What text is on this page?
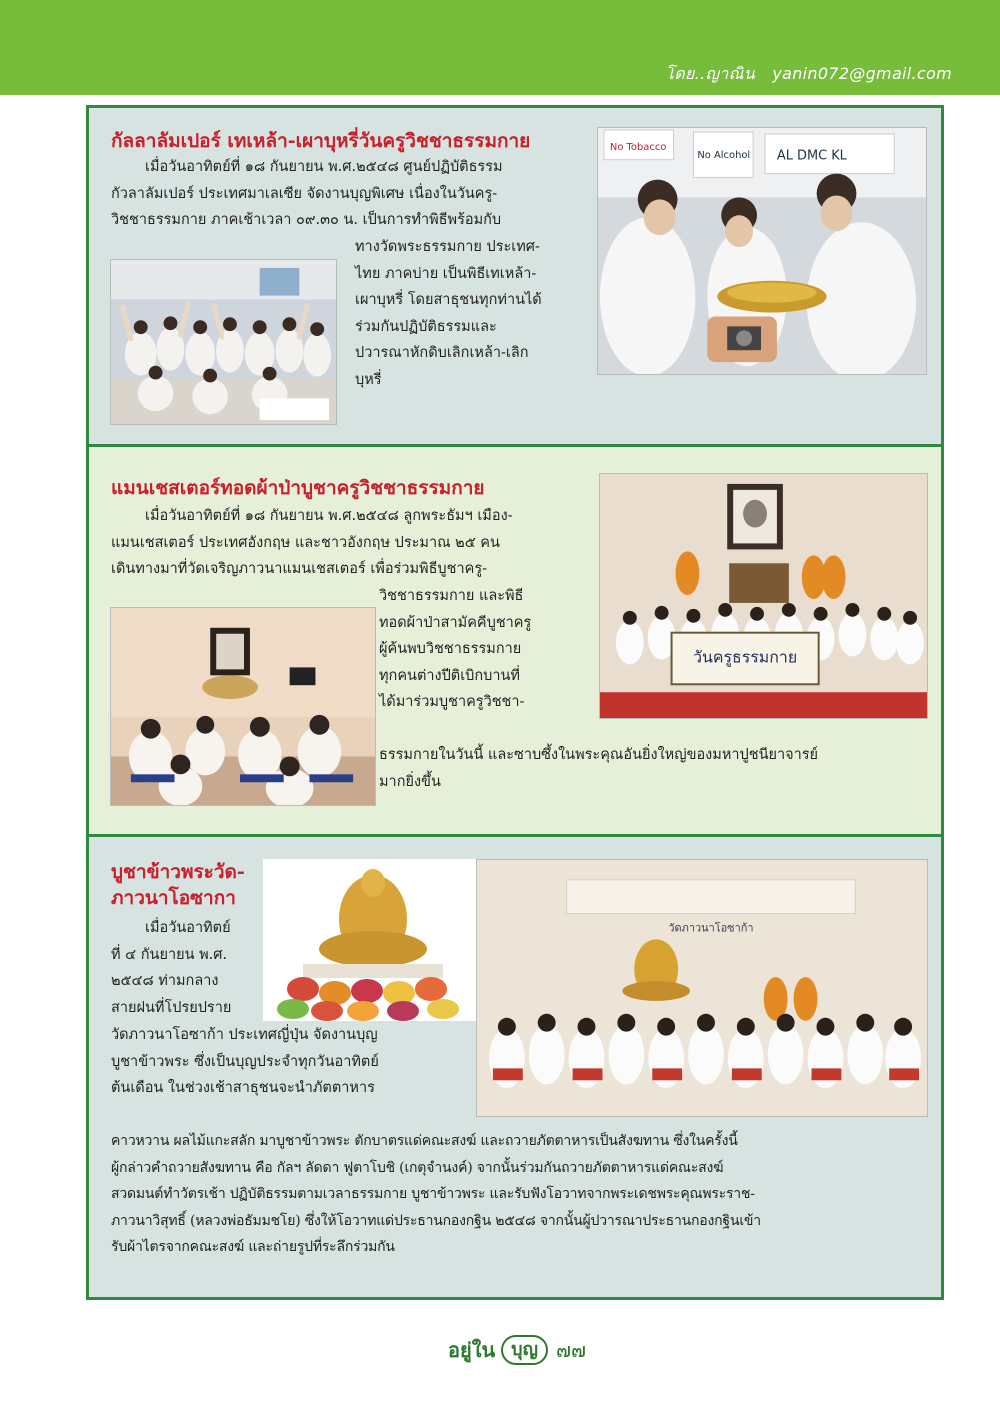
โดย..ญาณิน yanin072@gmail.com
กัลลาลัมเปอร์ เทเหล้า-เผาบุหรี่วันครูวิชชาธรรมกาย

เมื่อวันอาทิตย์ที่ ๑๘ กันยายน พ.ศ.๒๕๔๘ ศูนย์ปฏิบัติธรรม
กัวลาลัมเปอร์ ประเทศมาเลเซีย จัดงานบุญพิเศษ เนื่องในวันครู-
วิชชาธรรมกาย ภาคเช้าเวลา ๐๙.๓๐ น. เป็นการทำพิธีพร้อมกับ

ทางวัดพระธรรมกาย ประเทศ-
ไทย ภาคบ่าย เป็นพิธีเทเหล้า-
เผาบุหรี่ โดยสาธุชนทุกท่านได้
ร่วมกันปฏิบัติธรรมและ
ปวารณาหักดิบเลิกเหล้า-เลิก
บุหรี่

No Tobacco
No Alcohol AL DMC KL
แมนเชสเตอร์ทอดผ้าป่าบูชาครูวิชชาธรรมกาย

เมื่อวันอาทิตย์ที่ ๑๘ กันยายน พ.ศ.๒๕๔๘ ลูกพระธัมฯ เมือง-
แมนเชสเตอร์ ประเทศอังกฤษ และชาวอังกฤษ ประมาณ ๒๕ คน
เดินทางมาที่วัดเจริญภาวนาแมนเชสเตอร์ เพื่อร่วมพิธีบูชาครู-

วิชชาธรรมกาย และพิธี
ทอดผ้าป่าสามัคคีบูชาครู
ผู้ค้นพบวิชชาธรรมกาย
ทุกคนต่างปีติเบิกบานที่
ได้มาร่วมบูชาครูวิชชา-

ธรรมกายในวันนี้ และซาบซึ้งในพระคุณอันยิ่งใหญ่ของมหาปูชนียาจารย์
มากยิ่งขึ้น

วันครูธรรมกาย
บูชาข้าวพระวัด-
ภาวนาโอซากา

เมื่อวันอาทิตย์
ที่ ๔ กันยายน พ.ศ.
๒๕๔๘ ท่ามกลาง
สายฝนที่โปรยปราย

วัดภาวนาโอซาก้า ประเทศญี่ปุ่น จัดงานบุญ
บูชาข้าวพระ ซึ่งเป็นบุญประจำทุกวันอาทิตย์
ต้นเดือน ในช่วงเช้าสาธุชนจะนำภัตตาหาร

คาวหวาน ผลไม้แกะสลัก มาบูชาข้าวพระ ตักบาตรแด่คณะสงฆ์ และถวายภัตตาหารเป็นสังฆทาน ซึ่งในครั้งนี้
ผู้กล่าวคำถวายสังฆทาน คือ กัลฯ ลัดดา ฟูตาโบชิ (เกตุจำนงค์) จากนั้นร่วมกันถวายภัตตาหารแด่คณะสงฆ์
สวดมนต์ทำวัตรเช้า ปฏิบัติธรรมตามเวลาธรรมกาย บูชาข้าวพระ และรับฟังโอวาทจากพระเดชพระคุณพระราช-
ภาวนาวิสุทธิ์ (หลวงพ่อธัมมชโย) ซึ่งให้โอวาทแด่ประธานกองกฐิน ๒๕๔๘ จากนั้นผู้ปวารณาประธานกองกฐินเข้า
รับผ้าไตรจากคณะสงฆ์ และถ่ายรูปที่ระลึกร่วมกัน

วัดภาวนาโอซาก้า
อยู่ใน บุญ ๗๗
